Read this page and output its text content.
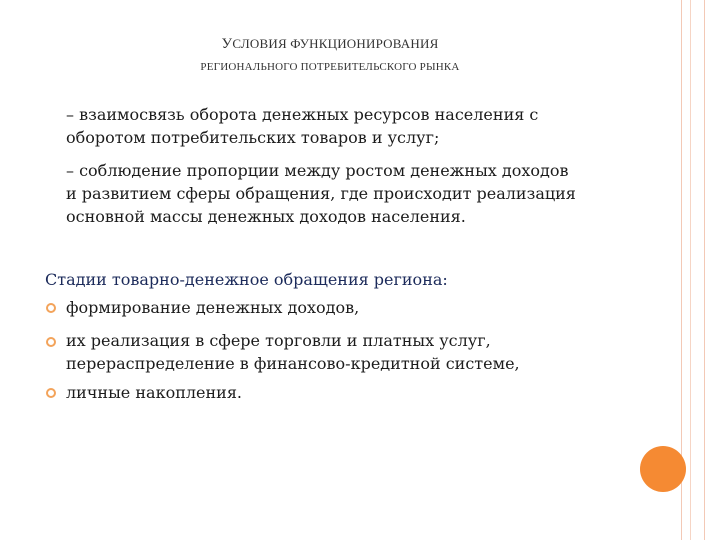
УСЛОВИЯ ФУНКЦИОНИРОВАНИЯ
РЕГИОНАЛЬНОГО ПОТРЕБИТЕЛЬСКОГО РЫНКА
– взаимосвязь оборота денежных ресурсов населения с
оборотом потребительских товаров и услуг;
– соблюдение пропорции между ростом денежных доходов
и развитием сферы обращения, где происходит реализация
основной массы денежных доходов населения.
Стадии товарно-денежное обращения региона:
формирование денежных доходов,
их реализация в сфере торговли и платных услуг,
перераспределение в финансово-кредитной системе,
личные накопления.
